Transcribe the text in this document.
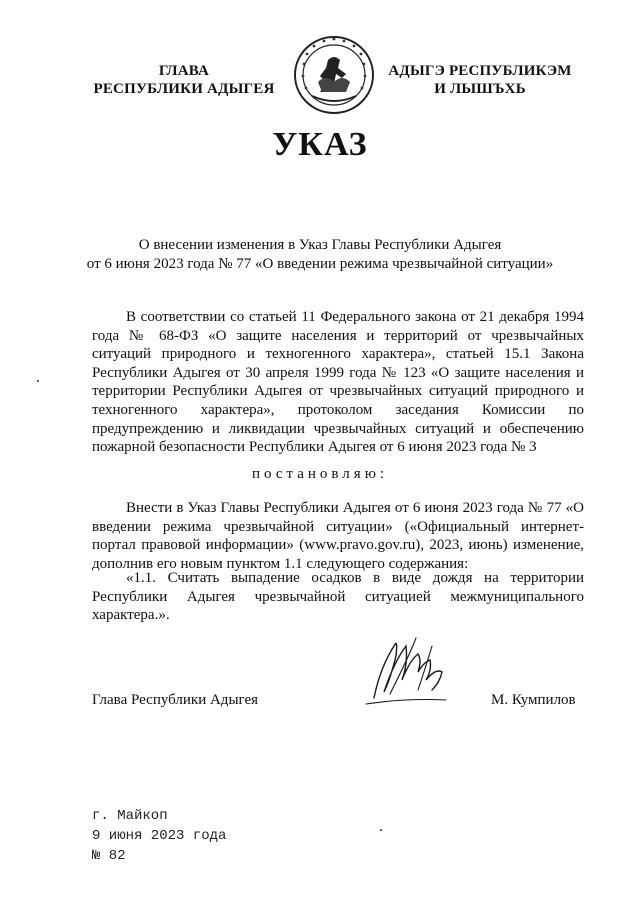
ГЛАВА
РЕСПУБЛИКИ АДЫГЕЯ
АДЫГЭ РЕСПУБЛИКЭМ
И ЛЫШЪХЬ
УКАЗ
О внесении изменения в Указ Главы Республики Адыгея
от 6 июня 2023 года № 77 «О введении режима чрезвычайной ситуации»
В соответствии со статьей 11 Федерального закона от 21 декабря 1994 года № 68-ФЗ «О защите населения и территорий от чрезвычайных ситуаций природного и техногенного характера», статьей 15.1 Закона Республики Адыгея от 30 апреля 1999 года № 123 «О защите населения и территории Республики Адыгея от чрезвычайных ситуаций природного и техногенного характера», протоколом заседания Комиссии по предупреждению и ликвидации чрезвычайных ситуаций и обеспечению пожарной безопасности Республики Адыгея от 6 июня 2023 года № 3
постановляю:
Внести в Указ Главы Республики Адыгея от 6 июня 2023 года № 77 «О введении режима чрезвычайной ситуации» («Официальный интернет-портал правовой информации» (www.pravo.gov.ru), 2023, июнь) изменение, дополнив его новым пунктом 1.1 следующего содержания:
«1.1. Считать выпадение осадков в виде дождя на территории Республики Адыгея чрезвычайной ситуацией межмуниципального характера.».
Глава Республики Адыгея	М. Кумпилов
г. Майкоп
9 июня 2023 года
№ 82
